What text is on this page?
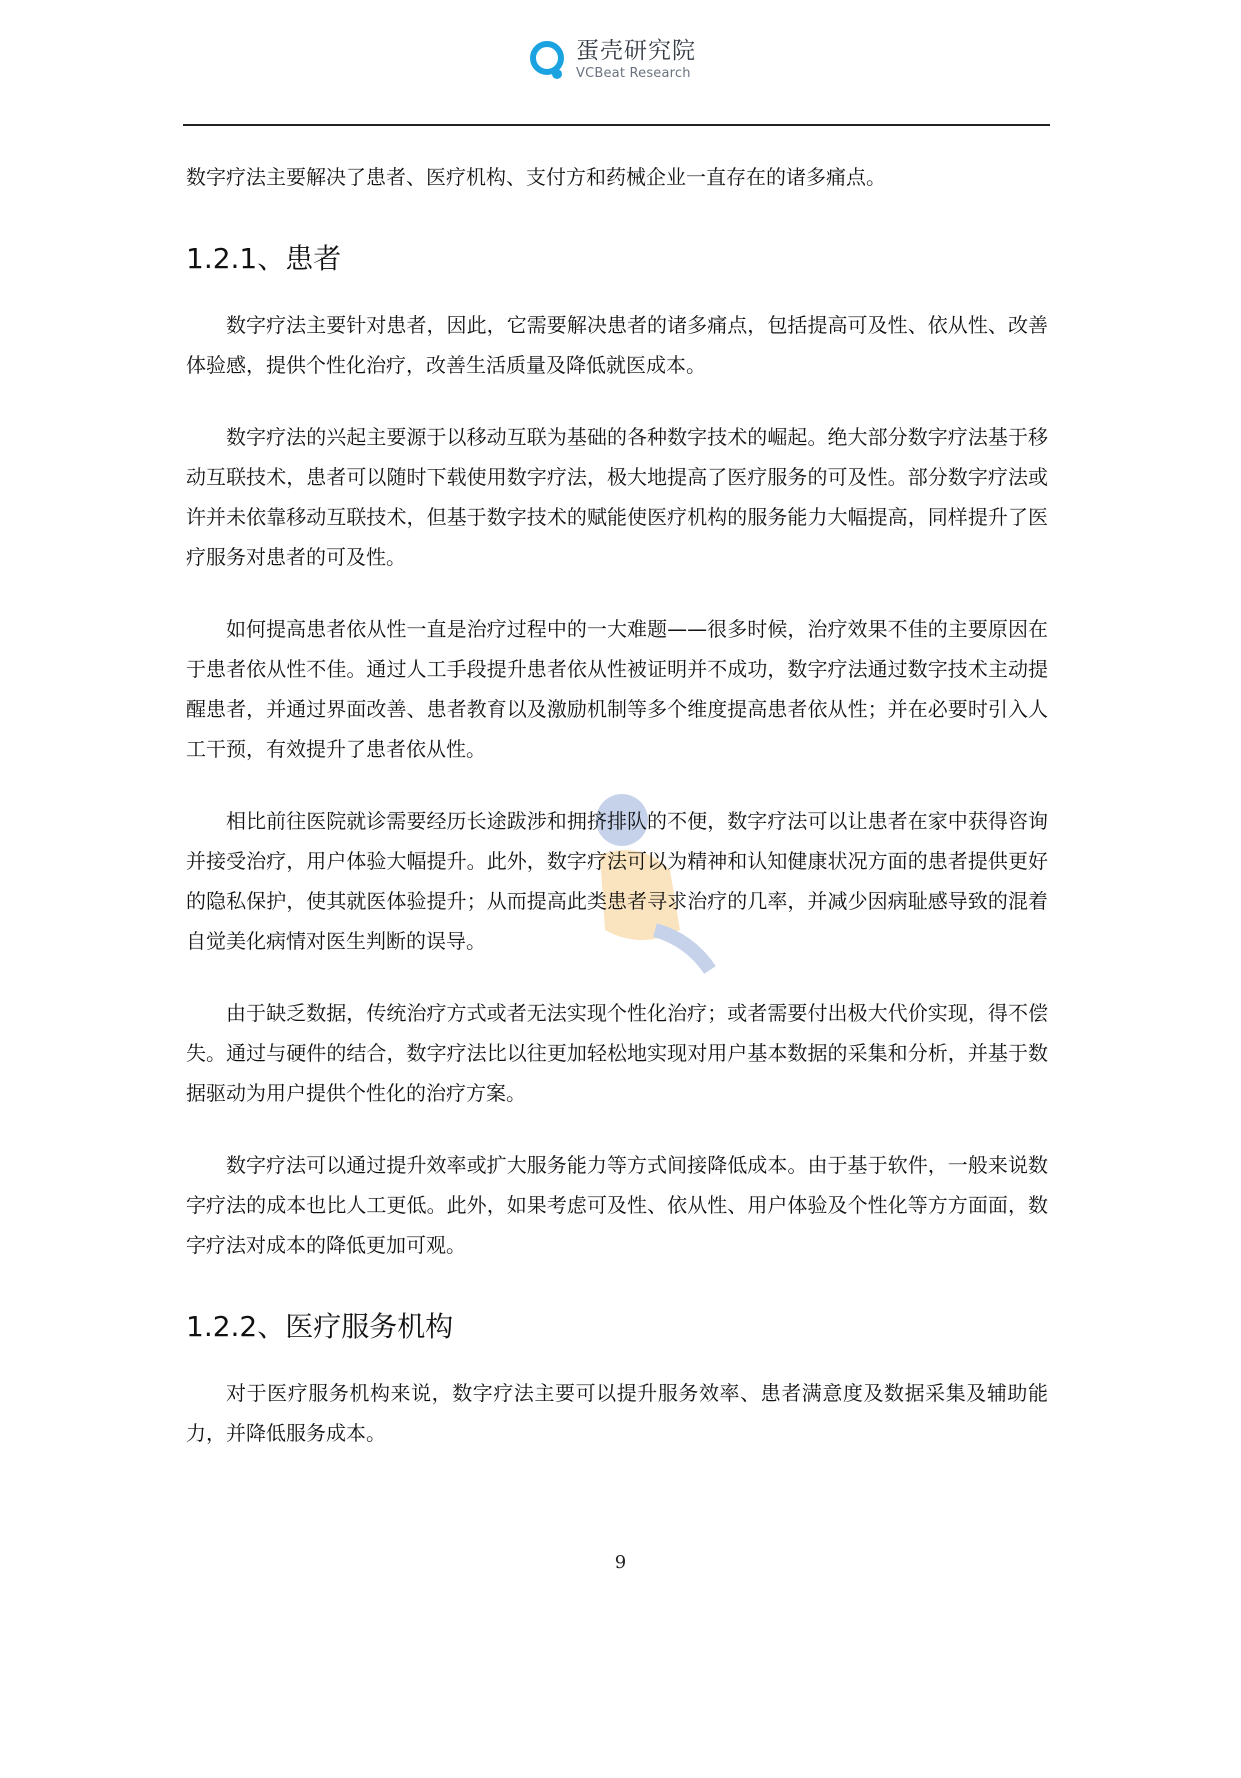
蛋壳研究院
VCBeat Research

数字疗法主要解决了患者、医疗机构、支付方和药械企业一直存在的诸多痛点。

1.2.1、患者

数字疗法主要针对患者，因此，它需要解决患者的诸多痛点，包括提高可及性、依从性、改善体验感，提供个性化治疗，改善生活质量及降低就医成本。

数字疗法的兴起主要源于以移动互联为基础的各种数字技术的崛起。绝大部分数字疗法基于移动互联技术，患者可以随时下载使用数字疗法，极大地提高了医疗服务的可及性。部分数字疗法或许并未依靠移动互联技术，但基于数字技术的赋能使医疗机构的服务能力大幅提高，同样提升了医疗服务对患者的可及性。

如何提高患者依从性一直是治疗过程中的一大难题——很多时候，治疗效果不佳的主要原因在于患者依从性不佳。通过人工手段提升患者依从性被证明并不成功，数字疗法通过数字技术主动提醒患者，并通过界面改善、患者教育以及激励机制等多个维度提高患者依从性；并在必要时引入人工干预，有效提升了患者依从性。

相比前往医院就诊需要经历长途跋涉和拥挤排队的不便，数字疗法可以让患者在家中获得咨询并接受治疗，用户体验大幅提升。此外，数字疗法可以为精神和认知健康状况方面的患者提供更好的隐私保护，使其就医体验提升；从而提高此类患者寻求治疗的几率，并减少因病耻感导致的混着自觉美化病情对医生判断的误导。

由于缺乏数据，传统治疗方式或者无法实现个性化治疗；或者需要付出极大代价实现，得不偿失。通过与硬件的结合，数字疗法比以往更加轻松地实现对用户基本数据的采集和分析，并基于数据驱动为用户提供个性化的治疗方案。

数字疗法可以通过提升效率或扩大服务能力等方式间接降低成本。由于基于软件，一般来说数字疗法的成本也比人工更低。此外，如果考虑可及性、依从性、用户体验及个性化等方方面面，数字疗法对成本的降低更加可观。

1.2.2、医疗服务机构

对于医疗服务机构来说，数字疗法主要可以提升服务效率、患者满意度及数据采集及辅助能力，并降低服务成本。

9
